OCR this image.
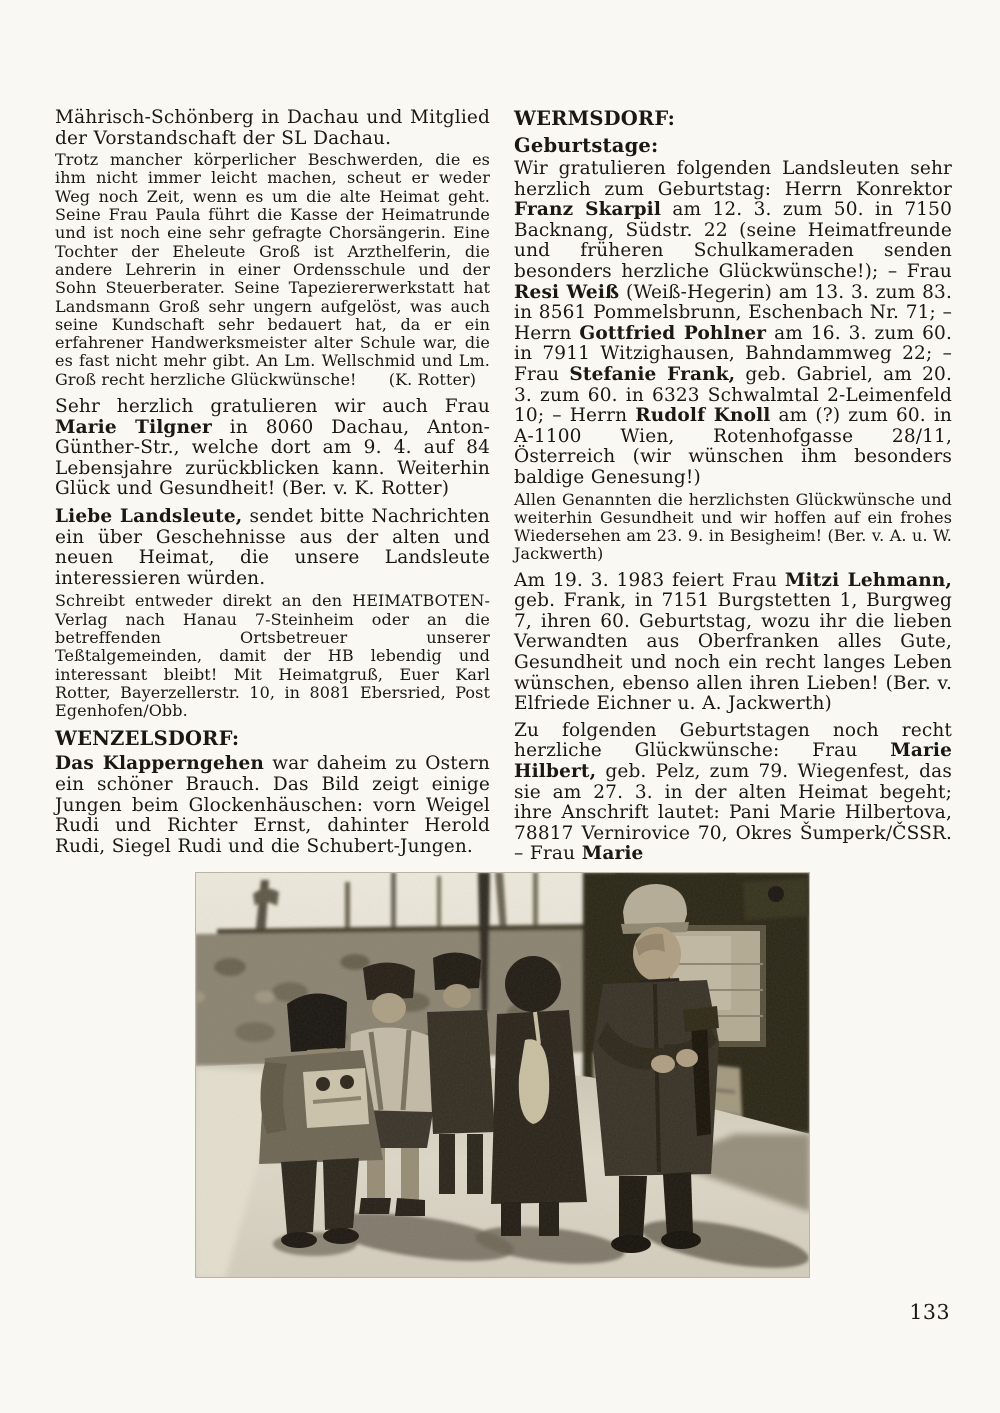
Mährisch-Schönberg in Dachau und Mitglied der Vorstandschaft der SL Dachau.

Trotz mancher körperlicher Beschwerden, die es ihm nicht immer leicht machen, scheut er weder Weg noch Zeit, wenn es um die alte Heimat geht. Seine Frau Paula führt die Kasse der Heimatrunde und ist noch eine sehr gefragte Chorsängerin. Eine Tochter der Eheleute Groß ist Arzthelferin, die andere Lehrerin in einer Ordensschule und der Sohn Steuerberater. Seine Tapeziererwerkstatt hat Landsmann Groß sehr ungern aufgelöst, was auch seine Kundschaft sehr bedauert hat, da er ein erfahrener Handwerksmeister alter Schule war, die es fast nicht mehr gibt. An Lm. Wellschmid und Lm. Groß recht herzliche Glückwünsche!  (K. Rotter)

Sehr herzlich gratulieren wir auch Frau Marie Tilgner in 8060 Dachau, Anton-Günther-Str., welche dort am 9. 4. auf 84 Lebensjahre zurückblicken kann. Weiterhin Glück und Gesundheit! (Ber. v. K. Rotter)

Liebe Landsleute, sendet bitte Nachrichten ein über Geschehnisse aus der alten und neuen Heimat, die unsere Landsleute interessieren würden.

Schreibt entweder direkt an den HEIMATBOTEN-Verlag nach Hanau 7-Steinheim oder an die betreffenden Ortsbetreuer unserer Teßtalgemeinden, damit der HB lebendig und interessant bleibt! Mit Heimatgruß, Euer Karl Rotter, Bayerzellerstr. 10, in 8081 Ebersried, Post Egenhofen/Obb.

WENZELSDORF:

Das Klapperngehen war daheim zu Ostern ein schöner Brauch. Das Bild zeigt einige Jungen beim Glockenhäuschen: vorn Weigel Rudi und Richter Ernst, dahinter Herold Rudi, Siegel Rudi und die Schubert-Jungen.

WERMSDORF:
Geburtstage:

Wir gratulieren folgenden Landsleuten sehr herzlich zum Geburtstag: Herrn Konrektor Franz Skarpil am 12. 3. zum 50. in 7150 Backnang, Südstr. 22 (seine Heimatfreunde und früheren Schulkameraden senden besonders herzliche Glückwünsche!); – Frau Resi Weiß (Weiß-Hegerin) am 13. 3. zum 83. in 8561 Pommelsbrunn, Eschenbach Nr. 71; – Herrn Gottfried Pohlner am 16. 3. zum 60. in 7911 Witzighausen, Bahndammweg 22; – Frau Stefanie Frank, geb. Gabriel, am 20. 3. zum 60. in 6323 Schwalmtal 2-Leimenfeld 10; – Herrn Rudolf Knoll am (?) zum 60. in A-1100 Wien, Rotenhofgasse 28/11, Österreich (wir wünschen ihm besonders baldige Genesung!)

Allen Genannten die herzlichsten Glückwünsche und weiterhin Gesundheit und wir hoffen auf ein frohes Wiedersehen am 23. 9. in Besigheim! (Ber. v. A. u. W. Jackwerth)

Am 19. 3. 1983 feiert Frau Mitzi Lehmann, geb. Frank, in 7151 Burgstetten 1, Burgweg 7, ihren 60. Geburtstag, wozu ihr die lieben Verwandten aus Oberfranken alles Gute, Gesundheit und noch ein recht langes Leben wünschen, ebenso allen ihren Lieben! (Ber. v. Elfriede Eichner u. A. Jackwerth)

Zu folgenden Geburtstagen noch recht herzliche Glückwünsche: Frau Marie Hilbert, geb. Pelz, zum 79. Wiegenfest, das sie am 27. 3. in der alten Heimat begeht; ihre Anschrift lautet: Pani Marie Hilbertova, 78817 Vernirovice 70, Okres Šumperk/ČSSR. – Frau Marie

133
